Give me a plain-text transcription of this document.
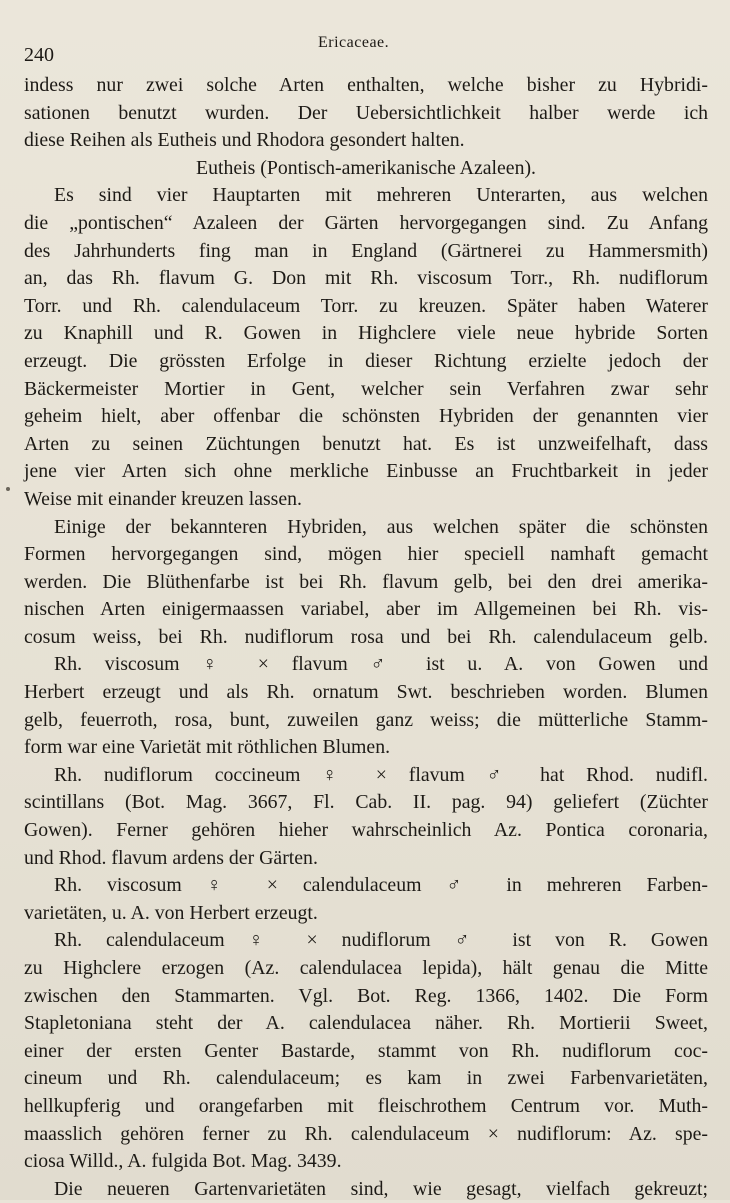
240
Ericaceae.
indess nur zwei solche Arten enthalten, welche bisher zu Hybridi-
sationen benutzt wurden. Der Uebersichtlichkeit halber werde ich
diese Reihen als Eutheis und Rhodora gesondert halten.
Eutheis (Pontisch-amerikanische Azaleen).
Es sind vier Hauptarten mit mehreren Unterarten, aus welchen
die „pontischen“ Azaleen der Gärten hervorgegangen sind. Zu Anfang
des Jahrhunderts fing man in England (Gärtnerei zu Hammersmith)
an, das Rh. flavum G. Don mit Rh. viscosum Torr., Rh. nudiflorum
Torr. und Rh. calendulaceum Torr. zu kreuzen. Später haben Waterer
zu Knaphill und R. Gowen in Highclere viele neue hybride Sorten
erzeugt. Die grössten Erfolge in dieser Richtung erzielte jedoch der
Bäckermeister Mortier in Gent, welcher sein Verfahren zwar sehr
geheim hielt, aber offenbar die schönsten Hybriden der genannten vier
Arten zu seinen Züchtungen benutzt hat. Es ist unzweifelhaft, dass
jene vier Arten sich ohne merkliche Einbusse an Fruchtbarkeit in jeder
Weise mit einander kreuzen lassen.
Einige der bekannteren Hybriden, aus welchen später die schönsten
Formen hervorgegangen sind, mögen hier speciell namhaft gemacht
werden. Die Blüthenfarbe ist bei Rh. flavum gelb, bei den drei amerika-
nischen Arten einigermaassen variabel, aber im Allgemeinen bei Rh. vis-
cosum weiss, bei Rh. nudiflorum rosa und bei Rh. calendulaceum gelb.
Rh. viscosum ♀ × flavum ♂ ist u. A. von Gowen und
Herbert erzeugt und als Rh. ornatum Swt. beschrieben worden. Blumen
gelb, feuerroth, rosa, bunt, zuweilen ganz weiss; die mütterliche Stamm-
form war eine Varietät mit röthlichen Blumen.
Rh. nudiflorum coccineum ♀ × flavum ♂ hat Rhod. nudifl.
scintillans (Bot. Mag. 3667, Fl. Cab. II. pag. 94) geliefert (Züchter
Gowen). Ferner gehören hieher wahrscheinlich Az. Pontica coronaria,
und Rhod. flavum ardens der Gärten.
Rh. viscosum ♀ × calendulaceum ♂ in mehreren Farben-
varietäten, u. A. von Herbert erzeugt.
Rh. calendulaceum ♀ × nudiflorum ♂ ist von R. Gowen
zu Highclere erzogen (Az. calendulacea lepida), hält genau die Mitte
zwischen den Stammarten. Vgl. Bot. Reg. 1366, 1402. Die Form
Stapletoniana steht der A. calendulacea näher. Rh. Mortierii Sweet,
einer der ersten Genter Bastarde, stammt von Rh. nudiflorum coc-
cineum und Rh. calendulaceum; es kam in zwei Farbenvarietäten,
hellkupferig und orangefarben mit fleischrothem Centrum vor. Muth-
maasslich gehören ferner zu Rh. calendulaceum × nudiflorum: Az. spe-
ciosa Willd., A. fulgida Bot. Mag. 3439.
Die neueren Gartenvarietäten sind, wie gesagt, vielfach gekreuzt;
